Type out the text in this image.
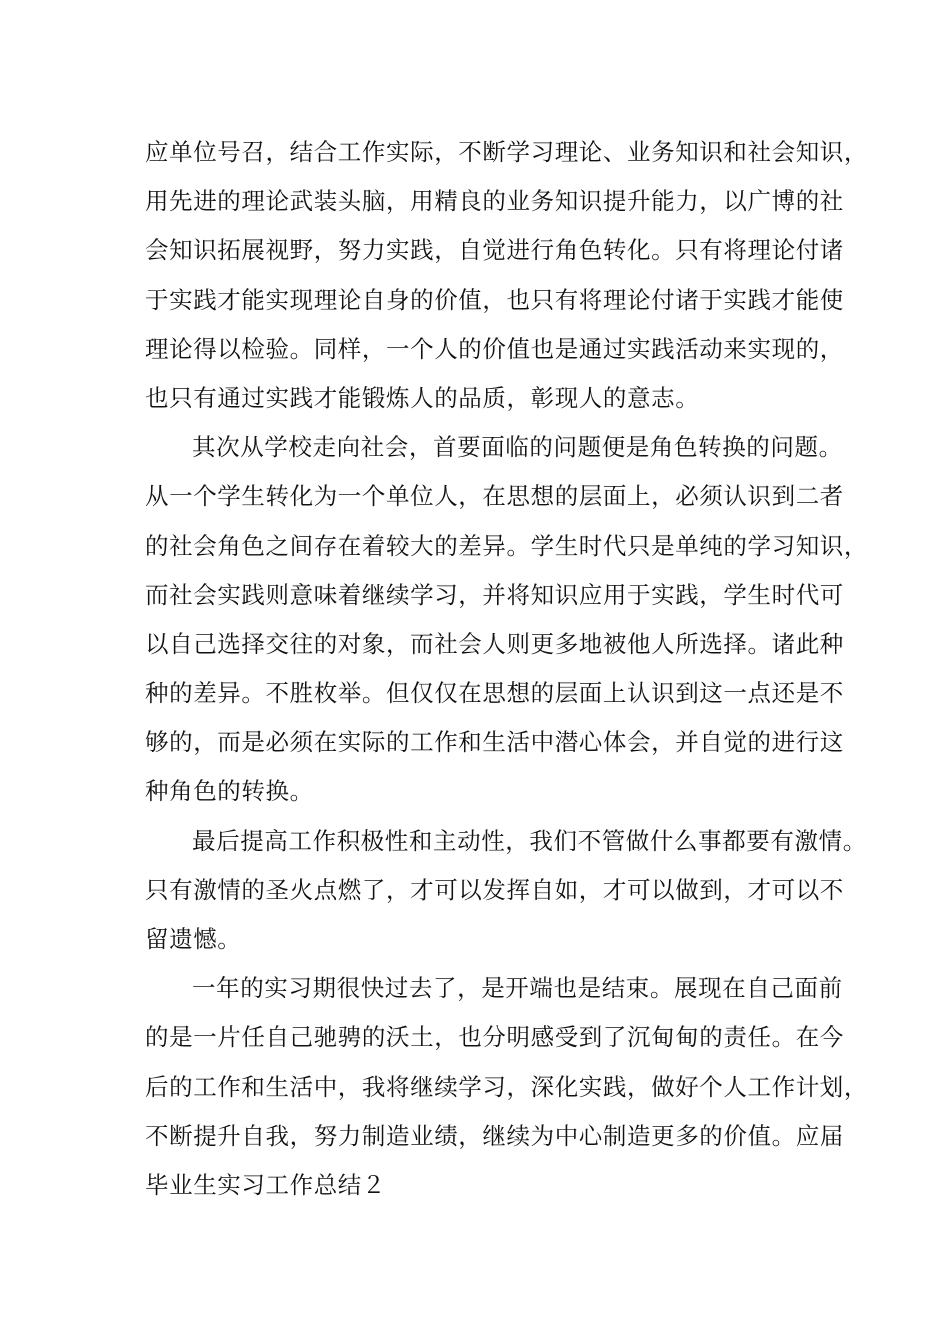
应单位号召，结合工作实际，不断学习理论、业务知识和社会知识，
用先进的理论武装头脑，用精良的业务知识提升能力，以广博的社
会知识拓展视野，努力实践，自觉进行角色转化。只有将理论付诸
于实践才能实现理论自身的价值，也只有将理论付诸于实践才能使
理论得以检验。同样，一个人的价值也是通过实践活动来实现的，
也只有通过实践才能锻炼人的品质，彰现人的意志。
其次从学校走向社会，首要面临的问题便是角色转换的问题。
从一个学生转化为一个单位人，在思想的层面上，必须认识到二者
的社会角色之间存在着较大的差异。学生时代只是单纯的学习知识，
而社会实践则意味着继续学习，并将知识应用于实践，学生时代可
以自己选择交往的对象，而社会人则更多地被他人所选择。诸此种
种的差异。不胜枚举。但仅仅在思想的层面上认识到这一点还是不
够的，而是必须在实际的工作和生活中潜心体会，并自觉的进行这
种角色的转换。
最后提高工作积极性和主动性，我们不管做什么事都要有激情。
只有激情的圣火点燃了，才可以发挥自如，才可以做到，才可以不
留遗憾。
一年的实习期很快过去了，是开端也是结束。展现在自己面前
的是一片任自己驰骋的沃土，也分明感受到了沉甸甸的责任。在今
后的工作和生活中，我将继续学习，深化实践，做好个人工作计划，
不断提升自我，努力制造业绩，继续为中心制造更多的价值。应届
毕业生实习工作总结２
